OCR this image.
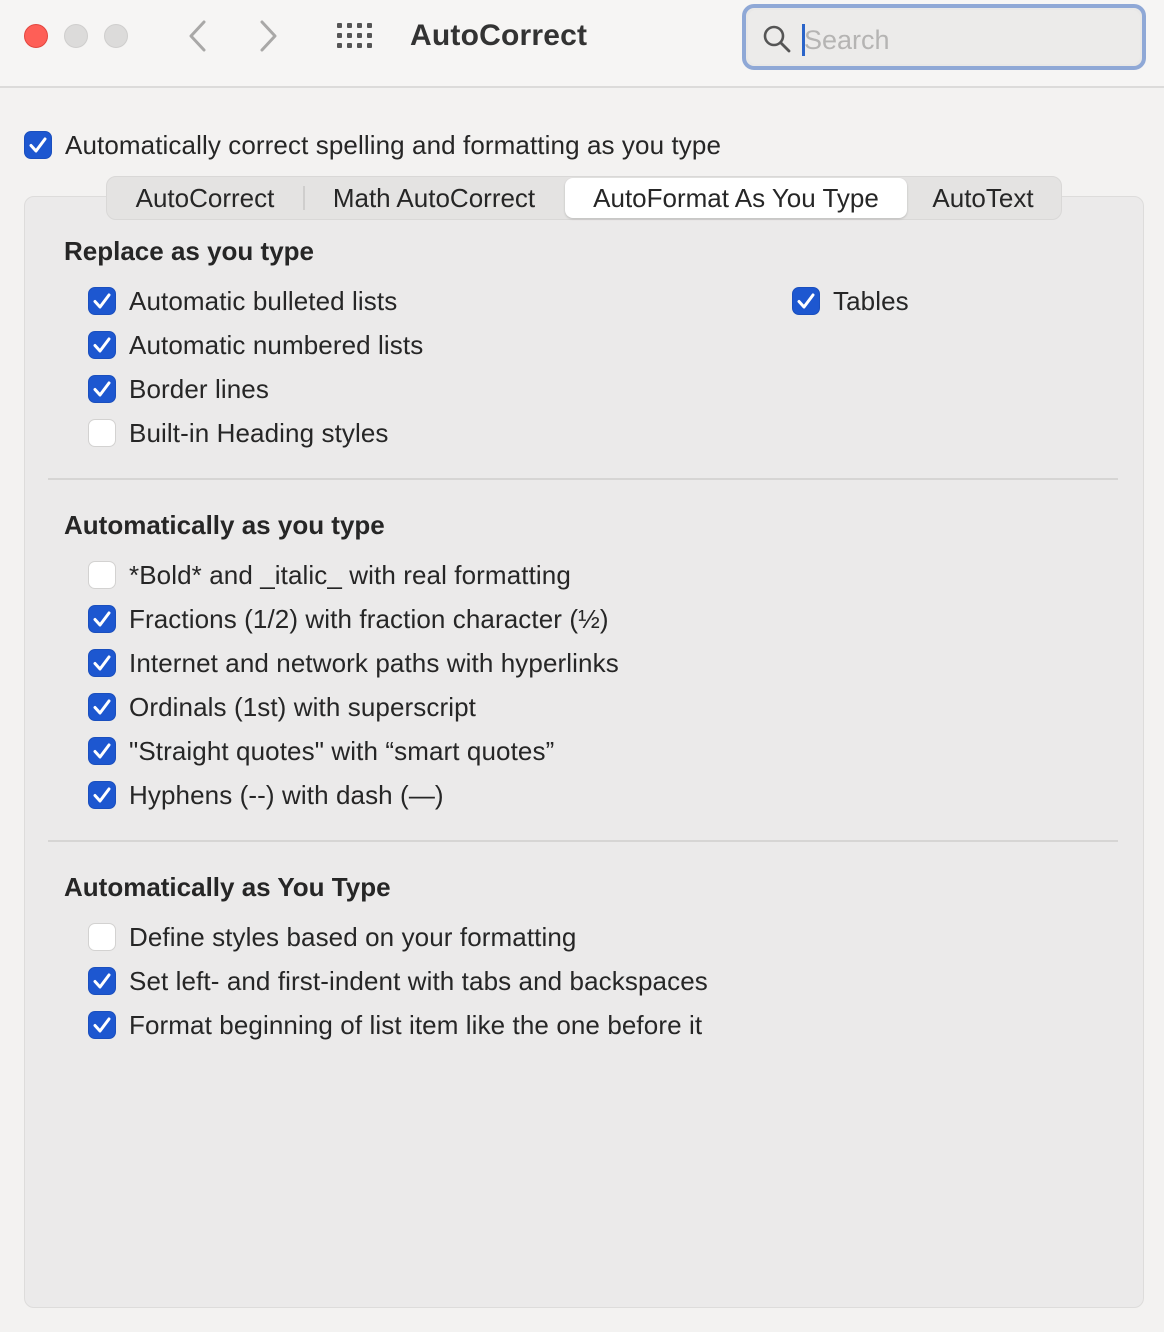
AutoCorrect
Search
Automatically correct spelling and formatting as you type
AutoCorrect	Math AutoCorrect	AutoFormat As You Type	AutoText
Replace as you type
Automatic bulleted lists
Automatic numbered lists
Border lines
Built-in Heading styles
Tables
Automatically as you type
*Bold* and _italic_ with real formatting
Fractions (1/2) with fraction character (½)
Internet and network paths with hyperlinks
Ordinals (1st) with superscript
"Straight quotes" with “smart quotes”
Hyphens (--) with dash (—)
Automatically as You Type
Define styles based on your formatting
Set left- and first-indent with tabs and backspaces
Format beginning of list item like the one before it
